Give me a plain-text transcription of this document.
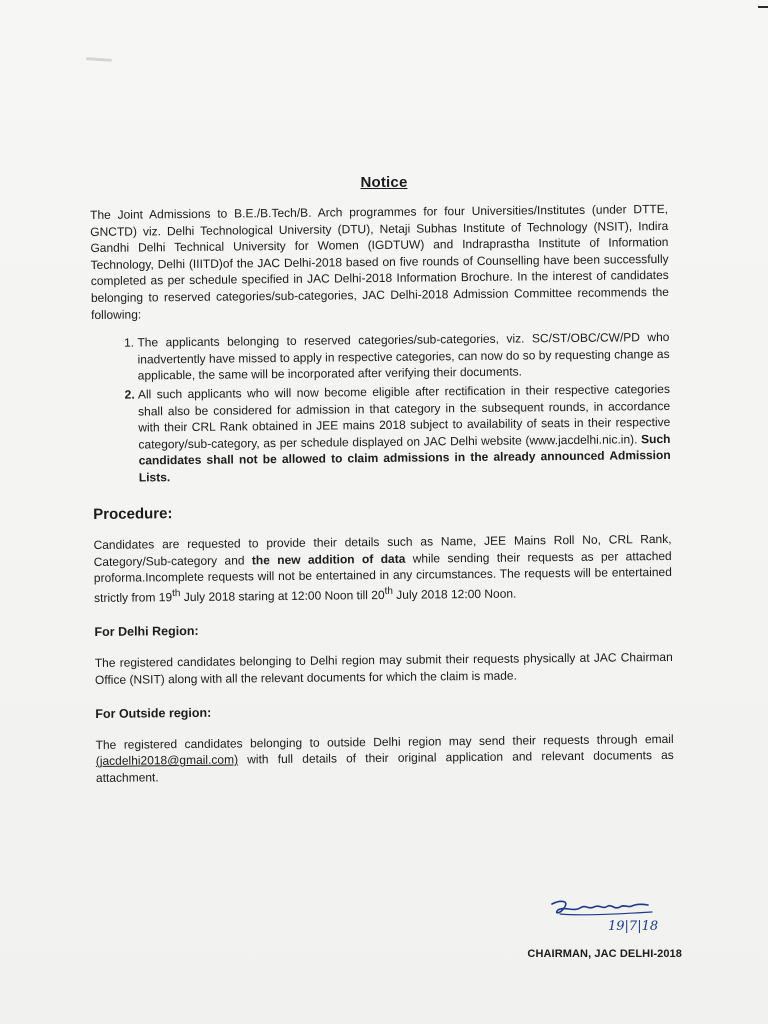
Notice

The Joint Admissions to B.E./B.Tech/B. Arch programmes for four Universities/Institutes (under DTTE, GNCTD) viz. Delhi Technological University (DTU), Netaji Subhas Institute of Technology (NSIT), Indira Gandhi Delhi Technical University for Women (IGDTUW) and Indraprastha Institute of Information Technology, Delhi (IIITD)of the JAC Delhi-2018 based on five rounds of Counselling have been successfully completed as per schedule specified in JAC Delhi-2018 Information Brochure. In the interest of candidates belonging to reserved categories/sub-categories, JAC Delhi-2018 Admission Committee recommends the following:

1. The applicants belonging to reserved categories/sub-categories, viz. SC/ST/OBC/CW/PD who inadvertently have missed to apply in respective categories, can now do so by requesting change as applicable, the same will be incorporated after verifying their documents.
2. All such applicants who will now become eligible after rectification in their respective categories shall also be considered for admission in that category in the subsequent rounds, in accordance with their CRL Rank obtained in JEE mains 2018 subject to availability of seats in their respective category/sub-category, as per schedule displayed on JAC Delhi website (www.jacdelhi.nic.in). Such candidates shall not be allowed to claim admissions in the already announced Admission Lists.
Procedure:

Candidates are requested to provide their details such as Name, JEE Mains Roll No, CRL Rank, Category/Sub-category and the new addition of data while sending their requests as per attached proforma.Incomplete requests will not be entertained in any circumstances. The requests will be entertained strictly from 19th July 2018 staring at 12:00 Noon till 20th July 2018 12:00 Noon.

For Delhi Region:

The registered candidates belonging to Delhi region may submit their requests physically at JAC Chairman Office (NSIT) along with all the relevant documents for which the claim is made.

For Outside region:

The registered candidates belonging to outside Delhi region may send their requests through email (jacdelhi2018@gmail.com) with full details of their original application and relevant documents as attachment.

19|7|18
CHAIRMAN, JAC DELHI-2018
